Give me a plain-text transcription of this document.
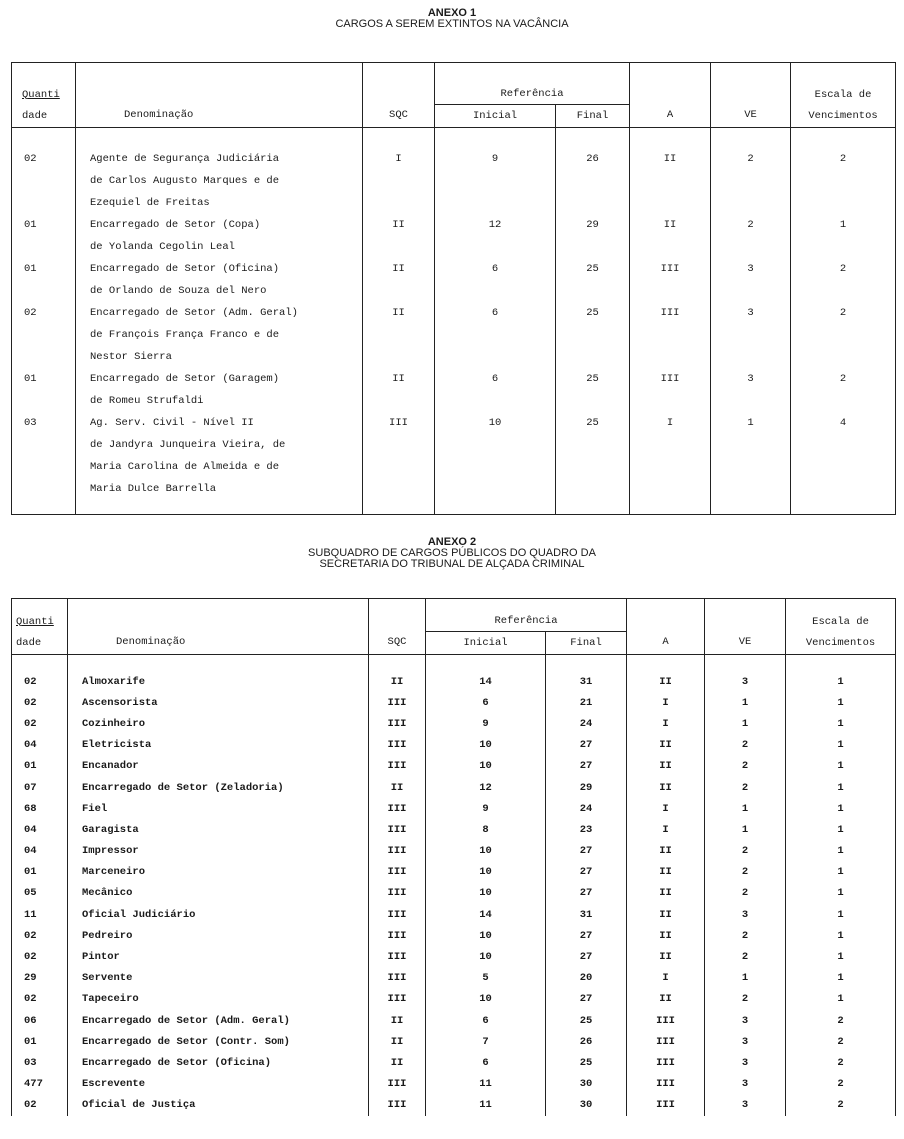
ANEXO 1
CARGOS A SEREM EXTINTOS NA VACÂNCIA
Quanti	Denominação	SQC	Referência		A	VE	Escala de
dade			Inicial	Final			Vencimentos

02	Agente de Segurança Judiciária	I	9	26	II	2	2
	de Carlos Augusto Marques e de						
	Ezequiel de Freitas						
01	Encarregado de Setor (Copa)	II	12	29	II	2	1
	de Yolanda Cegolin Leal						
01	Encarregado de Setor (Oficina)	II	6	25	III	3	2
	de Orlando de Souza del Nero						
02	Encarregado de Setor (Adm. Geral)	II	6	25	III	3	2
	de François França Franco e de						
	Nestor Sierra						
01	Encarregado de Setor (Garagem)	II	6	25	III	3	2
	de Romeu Strufaldi						
03	Ag. Serv. Civil - Nível II	III	10	25	I	1	4
	de Jandyra Junqueira Vieira, de						
	Maria Carolina de Almeida e de						
	Maria Dulce Barrella						

ANEXO 2
SUBQUADRO DE CARGOS PÚBLICOS DO QUADRO DA
SECRETARIA DO TRIBUNAL DE ALÇADA CRIMINAL
Quanti	Denominação	SQC	Referência		A	VE	Escala de
dade			Inicial	Final			Vencimentos

02	Almoxarife	II	14	31	II	3	1
02	Ascensorista	III	6	21	I	1	1
02	Cozinheiro	III	9	24	I	1	1
04	Eletricista	III	10	27	II	2	1
01	Encanador	III	10	27	II	2	1
07	Encarregado de Setor (Zeladoria)	II	12	29	II	2	1
68	Fiel	III	9	24	I	1	1
04	Garagista	III	8	23	I	1	1
04	Impressor	III	10	27	II	2	1
01	Marceneiro	III	10	27	II	2	1
05	Mecânico	III	10	27	II	2	1
11	Oficial Judiciário	III	14	31	II	3	1
02	Pedreiro	III	10	27	II	2	1
02	Pintor	III	10	27	II	2	1
29	Servente	III	5	20	I	1	1
02	Tapeceiro	III	10	27	II	2	1
06	Encarregado de Setor (Adm. Geral)	II	6	25	III	3	2
01	Encarregado de Setor (Contr. Som)	II	7	26	III	3	2
03	Encarregado de Setor (Oficina)	II	6	25	III	3	2
477	Escrevente	III	11	30	III	3	2
02	Oficial de Justiça	III	11	30	III	3	2
